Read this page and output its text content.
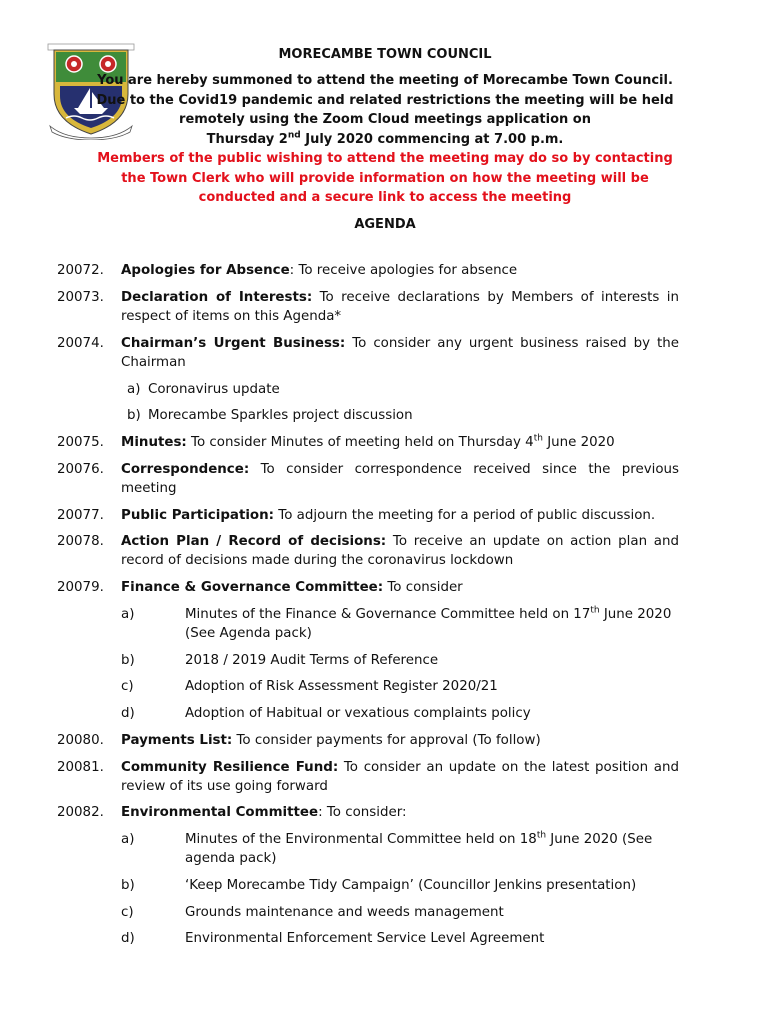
MORECAMBE TOWN COUNCIL

You are hereby summoned to attend the meeting of Morecambe Town Council. Due to the Covid19 pandemic and related restrictions the meeting will be held remotely using the Zoom Cloud meetings application on

Thursday 2nd July 2020 commencing at 7.00 p.m.

Members of the public wishing to attend the meeting may do so by contacting the Town Clerk who will provide information on how the meeting will be conducted and a secure link to access the meeting

AGENDA

20072. Apologies for Absence: To receive apologies for absence
20073. Declaration of Interests: To receive declarations by Members of interests in respect of items on this Agenda*
20074. Chairman’s Urgent Business: To consider any urgent business raised by the Chairman
a) Coronavirus update
b) Morecambe Sparkles project discussion
20075. Minutes: To consider Minutes of meeting held on Thursday 4th June 2020
20076. Correspondence: To consider correspondence received since the previous meeting
20077. Public Participation: To adjourn the meeting for a period of public discussion.
20078. Action Plan / Record of decisions: To receive an update on action plan and record of decisions made during the coronavirus lockdown
20079. Finance & Governance Committee: To consider
a)	Minutes of the Finance & Governance Committee held on 17th June 2020 (See Agenda pack)
b)	2018 / 2019 Audit Terms of Reference
c)	Adoption of Risk Assessment Register 2020/21
d)	Adoption of Habitual or vexatious complaints policy
20080. Payments List: To consider payments for approval (To follow)
20081. Community Resilience Fund: To consider an update on the latest position and review of its use going forward
20082. Environmental Committee: To consider:
a)	Minutes of the Environmental Committee held on 18th June 2020 (See agenda pack)
b)	‘Keep Morecambe Tidy Campaign’ (Councillor Jenkins presentation)
c)	Grounds maintenance and weeds management
d)	Environmental Enforcement Service Level Agreement
